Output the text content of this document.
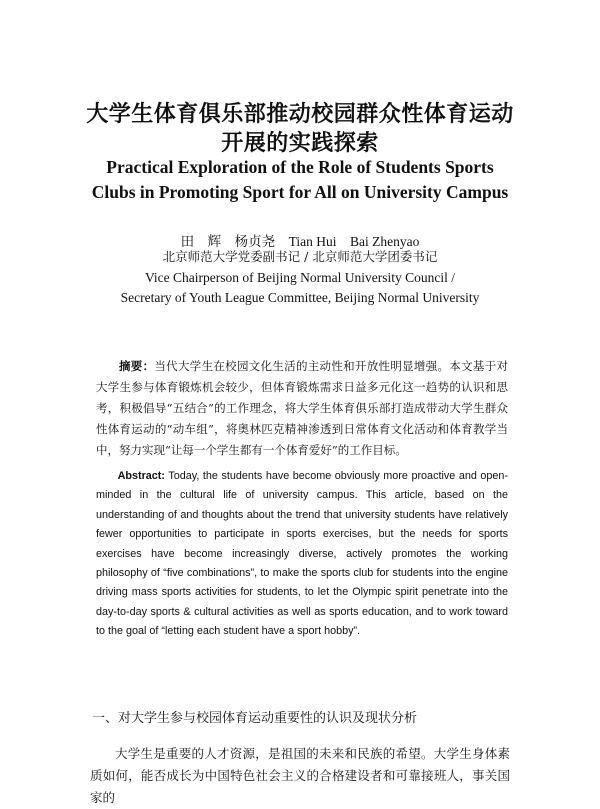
大学生体育俱乐部推动校园群众性体育运动
开展的实践探索
Practical Exploration of the Role of Students Sports
Clubs in Promoting Sport for All on University Campus
田　辉　杨贞尧　Tian Hui　Bai Zhenyao
北京师范大学党委副书记 / 北京师范大学团委书记
Vice Chairperson of Beijing Normal University Council /
Secretary of Youth League Committee, Beijing Normal University
摘要：当代大学生在校园文化生活的主动性和开放性明显增强。本文基于对大学生参与体育锻炼机会较少，但体育锻炼需求日益多元化这一趋势的认识和思考，积极倡导“五结合”的工作理念，将大学生体育俱乐部打造成带动大学生群众性体育运动的“动车组”，将奥林匹克精神渗透到日常体育文化活动和体育教学当中，努力实现“让每一个学生都有一个体育爱好”的工作目标。
Abstract: Today, the students have become obviously more proactive and open-minded in the cultural life of university campus. This article, based on the understanding of and thoughts about the trend that university students have relatively fewer opportunities to participate in sports exercises, but the needs for sports exercises have become increasingly diverse, actively promotes the working philosophy of “five combinations”, to make the sports club for students into the engine driving mass sports activities for students, to let the Olympic spirit penetrate into the day-to-day sports & cultural activities as well as sports education, and to work toward to the goal of “letting each student have a sport hobby”.
一、对大学生参与校园体育运动重要性的认识及现状分析
大学生是重要的人才资源，是祖国的未来和民族的希望。大学生身体素质如何，能否成长为中国特色社会主义的合格建设者和可靠接班人，事关国家的
